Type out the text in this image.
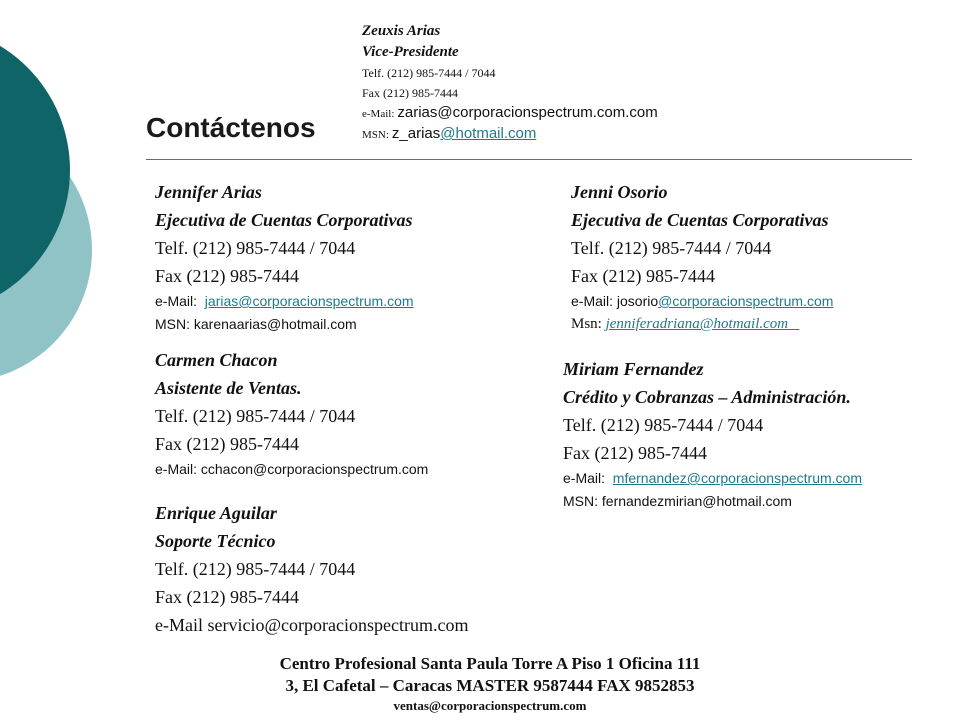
Contáctenos
Zeuxis Arias
Vice-Presidente
Telf. (212) 985-7444 / 7044
Fax (212) 985-7444
e-Mail: zarias@corporacionspectrum.com.com
MSN: z_arias@hotmail.com
Jennifer Arias
Ejecutiva de Cuentas Corporativas
Telf. (212) 985-7444 / 7044
Fax (212) 985-7444
e-Mail: jarias@corporacionspectrum.com
MSN: karenaarias@hotmail.com
Carmen Chacon
Asistente de Ventas.
Telf. (212) 985-7444 / 7044
Fax (212) 985-7444
e-Mail: cchacon@corporacionspectrum.com
Enrique Aguilar
Soporte Técnico
Telf. (212) 985-7444 / 7044
Fax (212) 985-7444
e-Mail servicio@corporacionspectrum.com
Jenni Osorio
Ejecutiva de Cuentas Corporativas
Telf. (212) 985-7444 / 7044
Fax (212) 985-7444
e-Mail: josorio@corporacionspectrum.com
Msn: jenniferadriana@hotmail.com
Miriam Fernandez
Crédito y Cobranzas – Administración.
Telf. (212) 985-7444 / 7044
Fax (212) 985-7444
e-Mail: mfernandez@corporacionspectrum.com
MSN: fernandezmirian@hotmail.com
Centro Profesional Santa Paula Torre A Piso 1 Oficina 111
3, El Cafetal – Caracas MASTER 9587444 FAX 9852853
ventas@corporacionspectrum.com
